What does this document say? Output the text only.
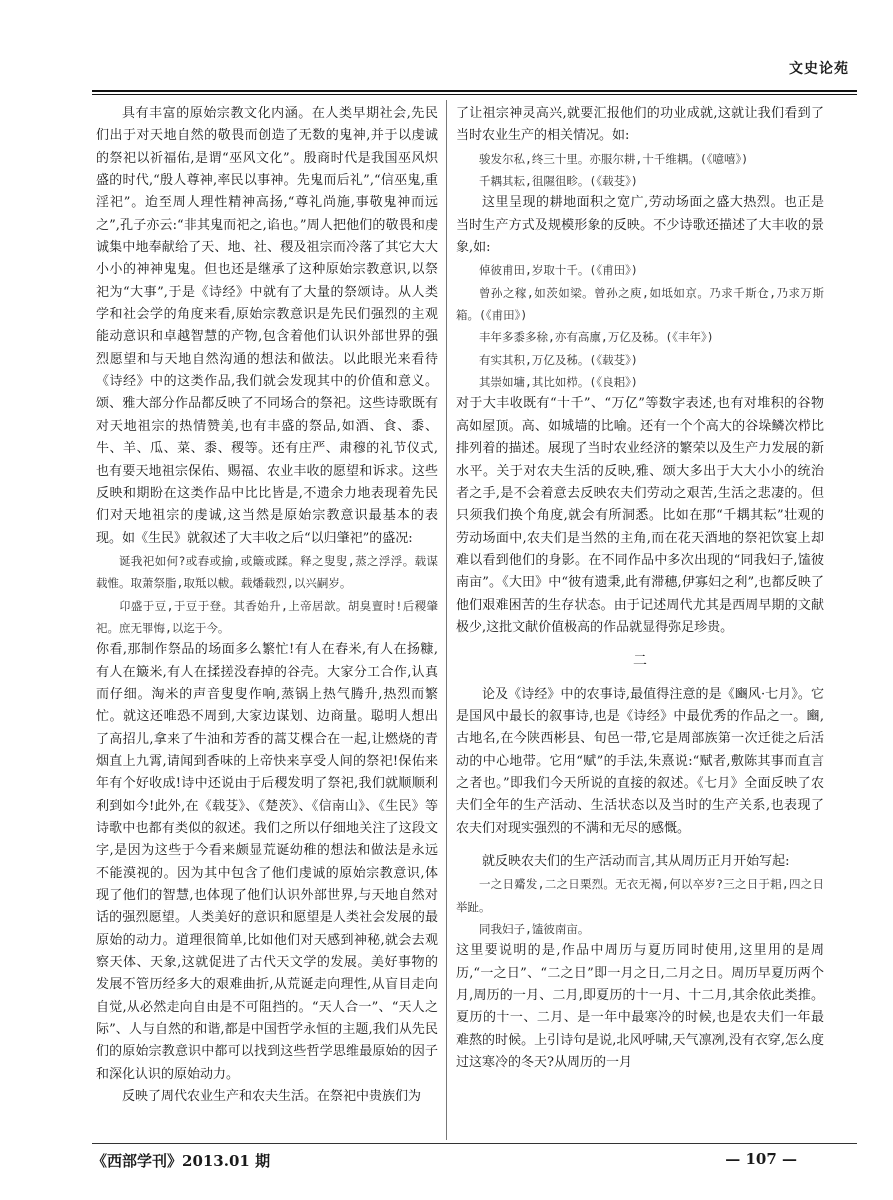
文史论苑

具有丰富的原始宗教文化内涵。在人类早期社会,先民们出于对天地自然的敬畏而创造了无数的鬼神,并于以虔诚的祭祀以祈福佑,是谓“巫风文化”。殷商时代是我国巫风炽盛的时代,“殷人尊神,率民以事神。先鬼而后礼”,“信巫鬼,重淫祀”。迨至周人理性精神高扬,“尊礼尚施,事敬鬼神而远之”,孔子亦云:“非其鬼而祀之,谄也。”周人把他们的敬畏和虔诚集中地奉献给了天、地、社、稷及祖宗而冷落了其它大大小小的神神鬼鬼。但也还是继承了这种原始宗教意识,以祭祀为“大事”,于是《诗经》中就有了大量的祭颂诗。从人类学和社会学的角度来看,原始宗教意识是先民们强烈的主观能动意识和卓越智慧的产物,包含着他们认识外部世界的强烈愿望和与天地自然沟通的想法和做法。以此眼光来看待《诗经》中的这类作品,我们就会发现其中的价值和意义。颂、雅大部分作品都反映了不同场合的祭祀。这些诗歌既有对天地祖宗的热情赞美,也有丰盛的祭品,如酒、食、黍、牛、羊、瓜、菜、黍、稷等。还有庄严、肃穆的礼节仪式,也有要天地祖宗保佑、赐福、农业丰收的愿望和诉求。这些反映和期盼在这类作品中比比皆是,不遗余力地表现着先民们对天地祖宗的虔诚,这当然是原始宗教意识最基本的表现。如《生民》就叙述了大丰收之后“以归肇祀”的盛况:

诞我祀如何?或舂或揄,或簸或蹂。释之叟叟,蒸之浮浮。载谋载惟。取萧祭脂,取羝以軷。载燔载烈,以兴嗣岁。

卬盛于豆,于豆于登。其香始升,上帝居歆。胡臭亶时!后稷肇祀。庶无罪悔,以迄于今。

你看,那制作祭品的场面多么繁忙!有人在舂米,有人在扬糠,有人在簸米,有人在揉搓没舂掉的谷壳。大家分工合作,认真而仔细。淘米的声音叟叟作响,蒸锅上热气腾升,热烈而繁忙。就这还唯恐不周到,大家边谋划、边商量。聪明人想出了高招儿,拿来了牛油和芳香的蒿艾棵合在一起,让燃烧的青烟直上九霄,请闻到香味的上帝快来享受人间的祭祀!保佑来年有个好收成!诗中还说由于后稷发明了祭祀,我们就顺顺利利到如今!此外,在《载芟》、《楚茨》、《信南山》、《生民》等诗歌中也都有类似的叙述。我们之所以仔细地关注了这段文字,是因为这些于今看来颇显荒诞幼稚的想法和做法是永远不能漠视的。因为其中包含了他们虔诚的原始宗教意识,体现了他们的智慧,也体现了他们认识外部世界,与天地自然对话的强烈愿望。人类美好的意识和愿望是人类社会发展的最原始的动力。道理很简单,比如他们对天感到神秘,就会去观察天体、天象,这就促进了古代天文学的发展。美好事物的发展不管历经多大的艰难曲折,从荒诞走向理性,从盲目走向自觉,从必然走向自由是不可阻挡的。“天人合一”、“天人之际”、人与自然的和谐,都是中国哲学永恒的主题,我们从先民们的原始宗教意识中都可以找到这些哲学思维最原始的因子和深化认识的原始动力。

反映了周代农业生产和农夫生活。在祭祀中贵族们为

了让祖宗神灵高兴,就要汇报他们的功业成就,这就让我们看到了当时农业生产的相关情况。如:

骏发尔私,终三十里。亦服尔耕,十千维耦。(《噫嘻》)

千耦其耘,徂隰徂畛。(《载芟》)

这里呈现的耕地面积之宽广,劳动场面之盛大热烈。也正是当时生产方式及规模形象的反映。不少诗歌还描述了大丰收的景象,如:

倬彼甫田,岁取十千。(《甫田》)

曾孙之稼,如茨如梁。曾孙之庾,如坻如京。乃求千斯仓,乃求万斯箱。(《甫田》)

丰年多黍多稌,亦有高廪,万亿及秭。(《丰年》)

有实其积,万亿及秭。(《载芟》)

其崇如墉,其比如栉。(《良耜》)

对于大丰收既有“十千”、“万亿”等数字表述,也有对堆积的谷物高如屋顶。高、如城墙的比喻。还有一个个高大的谷垛鳞次栉比排列着的描述。展现了当时农业经济的繁荣以及生产力发展的新水平。关于对农夫生活的反映,雅、颂大多出于大大小小的统治者之手,是不会着意去反映农夫们劳动之艰苦,生活之悲凄的。但只须我们换个角度,就会有所洞悉。比如在那“千耦其耘”壮观的劳动场面中,农夫们是当然的主角,而在花天酒地的祭祀饮宴上却难以看到他们的身影。在不同作品中多次出现的“同我妇子,馌彼南亩”。《大田》中“彼有遗秉,此有滞穗,伊寡妇之利”,也都反映了他们艰难困苦的生存状态。由于记述周代尤其是西周早期的文献极少,这批文献价值极高的作品就显得弥足珍贵。

二

论及《诗经》中的农事诗,最值得注意的是《豳风·七月》。它是国风中最长的叙事诗,也是《诗经》中最优秀的作品之一。豳,古地名,在今陕西彬县、旬邑一带,它是周部族第一次迁徙之后活动的中心地带。它用“赋”的手法,朱熹说:“赋者,敷陈其事而直言之者也。”即我们今天所说的直接的叙述。《七月》全面反映了农夫们全年的生产活动、生活状态以及当时的生产关系,也表现了农夫们对现实强烈的不满和无尽的感慨。

就反映农夫们的生产活动而言,其从周历正月开始写起:

一之日觱发,二之日栗烈。无衣无褐,何以卒岁?三之日于耜,四之日举趾。

同我妇子,馌彼南亩。

这里要说明的是,作品中周历与夏历同时使用,这里用的是周历,“一之日”、“二之日”即一月之日,二月之日。周历早夏历两个月,周历的一月、二月,即夏历的十一月、十二月,其余依此类推。夏历的十一、二月、是一年中最寒冷的时候,也是农夫们一年最难熬的时候。上引诗句是说,北风呼啸,天气凛冽,没有衣穿,怎么度过这寒冷的冬天?从周历的一月

《西部学刊》2013.01 期	— 107 —
